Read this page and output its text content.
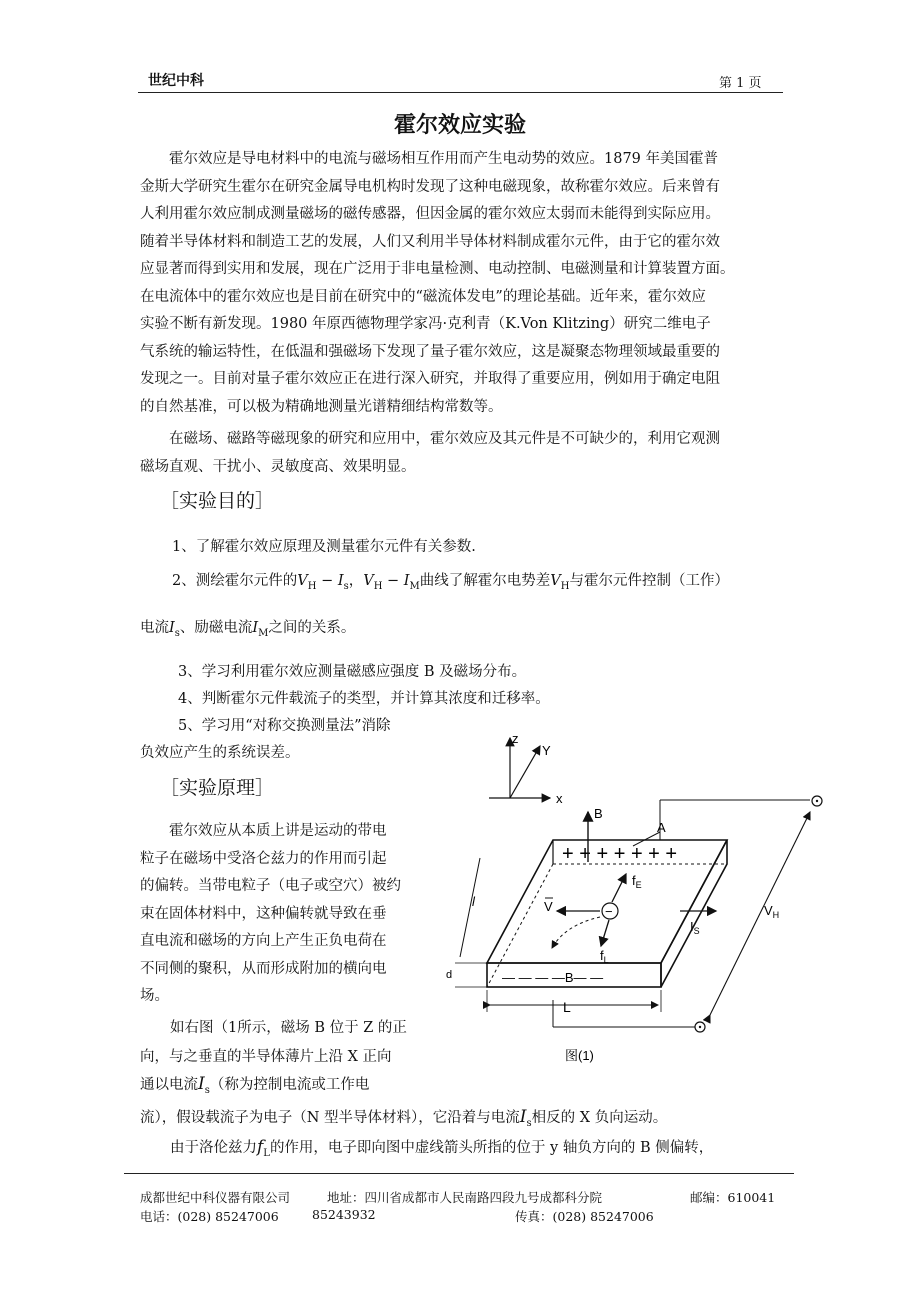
世纪中科	第 1 页
霍尔效应实验
霍尔效应是导电材料中的电流与磁场相互作用而产生电动势的效应。1879 年美国霍普
金斯大学研究生霍尔在研究金属导电机构时发现了这种电磁现象，故称霍尔效应。后来曾有
人利用霍尔效应制成测量磁场的磁传感器，但因金属的霍尔效应太弱而未能得到实际应用。
随着半导体材料和制造工艺的发展，人们又利用半导体材料制成霍尔元件，由于它的霍尔效
应显著而得到实用和发展，现在广泛用于非电量检测、电动控制、电磁测量和计算装置方面。
在电流体中的霍尔效应也是目前在研究中的“磁流体发电”的理论基础。近年来，霍尔效应
实验不断有新发现。1980 年原西德物理学家冯·克利青（K.Von Klitzing）研究二维电子
气系统的输运特性，在低温和强磁场下发现了量子霍尔效应，这是凝聚态物理领域最重要的
发现之一。目前对量子霍尔效应正在进行深入研究，并取得了重要应用，例如用于确定电阻
的自然基准，可以极为精确地测量光谱精细结构常数等。
在磁场、磁路等磁现象的研究和应用中，霍尔效应及其元件是不可缺少的，利用它观测
磁场直观、干扰小、灵敏度高、效果明显。
［实验目的］
1、了解霍尔效应原理及测量霍尔元件有关参数.
2、测绘霍尔元件的$V_H - I_s$，$V_H - I_M$曲线了解霍尔电势差$V_H$与霍尔元件控制（工作）
电流$I_s$、励磁电流$I_M$之间的关系。
3、学习利用霍尔效应测量磁感应强度 B 及磁场分布。
4、判断霍尔元件载流子的类型，并计算其浓度和迁移率。
5、学习用“对称交换测量法”消除
负效应产生的系统误差。
［实验原理］
霍尔效应从本质上讲是运动的带电
粒子在磁场中受洛仑兹力的作用而引起
的偏转。当带电粒子（电子或空穴）被约
束在固体材料中，这种偏转就导致在垂
直电流和磁场的方向上产生正负电荷在
不同侧的聚积，从而形成附加的横向电
场。
如右图（1所示，磁场 B 位于 Z 的正
向，与之垂直的半导体薄片上沿 X 正向
通以电流$I_s$（称为控制电流或工作电
流），假设载流子为电子（N 型半导体材料），它沿着与电流$I_s$相反的 X 负向运动。
由于洛伦兹力$f_L$的作用，电子即向图中虚线箭头所指的位于 y 轴负方向的 B 侧偏转，
z
Y
x
+ + + + + + +
— — — —B— —
B
A
−
$f_E$
V
$f_L$
$I_S$
$V_H$
l
d
L
图(1)
成都世纪中科仪器有限公司	地址：四川省成都市人民南路四段九号成都科分院	邮编：610041
电话：(028) 85247006	85243932	传真：(028) 85247006
